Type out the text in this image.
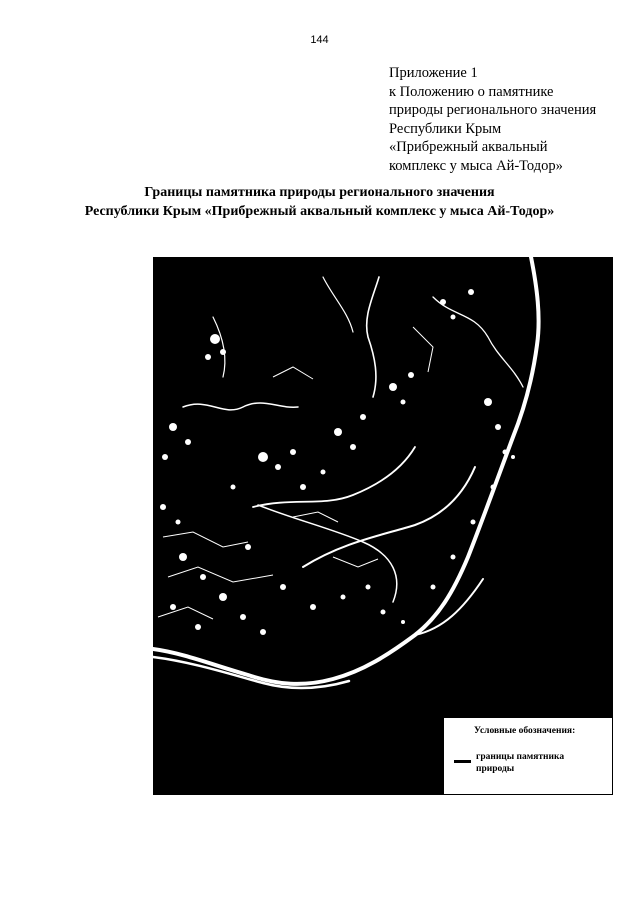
144
Приложение 1
к Положению о памятнике
природы регионального значения
Республики Крым
«Прибрежный аквальный
комплекс у мыса Ай-Тодор»
Границы памятника природы регионального значения
Республики Крым «Прибрежный аквальный комплекс у мыса Ай-Тодор»
Условные обозначения:
границы памятника природы
